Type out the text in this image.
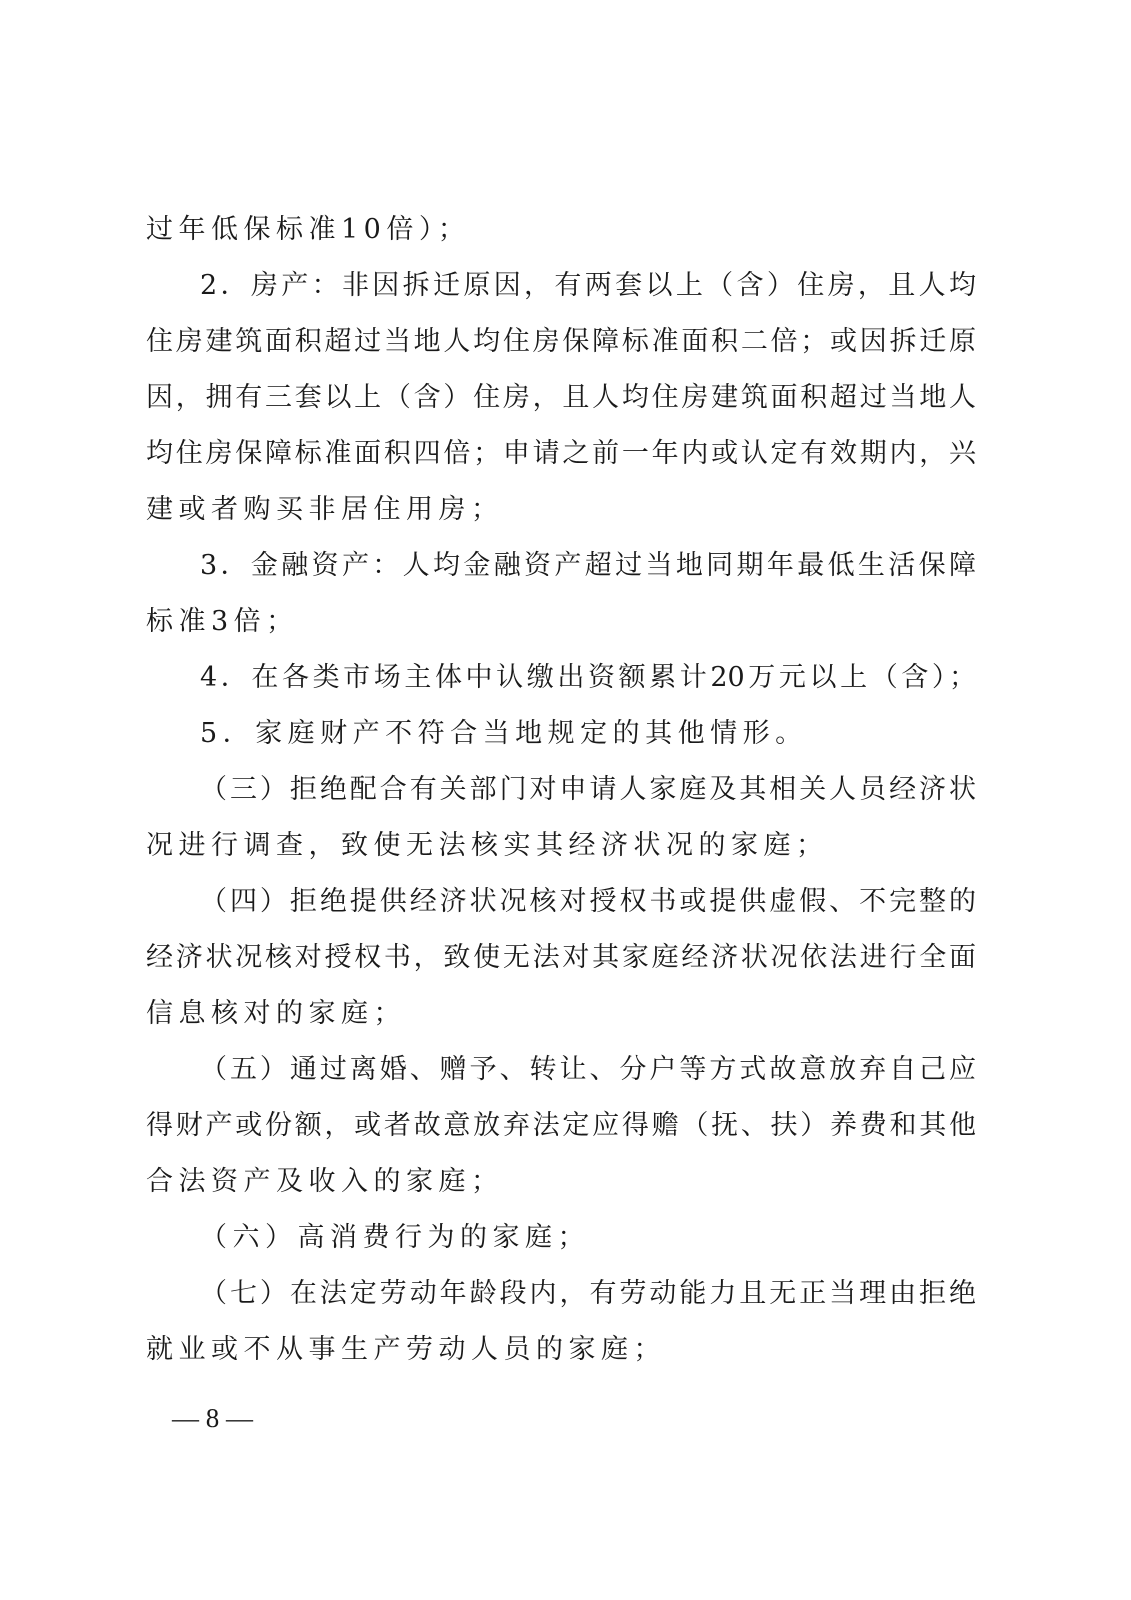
过年低保标准10倍）；
2．房产：非因拆迁原因，有两套以上（含）住房，且人均
住房建筑面积超过当地人均住房保障标准面积二倍；或因拆迁原
因，拥有三套以上（含）住房，且人均住房建筑面积超过当地人
均住房保障标准面积四倍；申请之前一年内或认定有效期内，兴
建或者购买非居住用房；
3．金融资产：人均金融资产超过当地同期年最低生活保障
标准3倍；
4．在各类市场主体中认缴出资额累计20万元以上（含）；
5．家庭财产不符合当地规定的其他情形。
（三）拒绝配合有关部门对申请人家庭及其相关人员经济状
况进行调查，致使无法核实其经济状况的家庭；
（四）拒绝提供经济状况核对授权书或提供虚假、不完整的
经济状况核对授权书，致使无法对其家庭经济状况依法进行全面
信息核对的家庭；
（五）通过离婚、赠予、转让、分户等方式故意放弃自己应
得财产或份额，或者故意放弃法定应得赡（抚、扶）养费和其他
合法资产及收入的家庭；
（六）高消费行为的家庭；
（七）在法定劳动年龄段内，有劳动能力且无正当理由拒绝
就业或不从事生产劳动人员的家庭；
— 8 —
